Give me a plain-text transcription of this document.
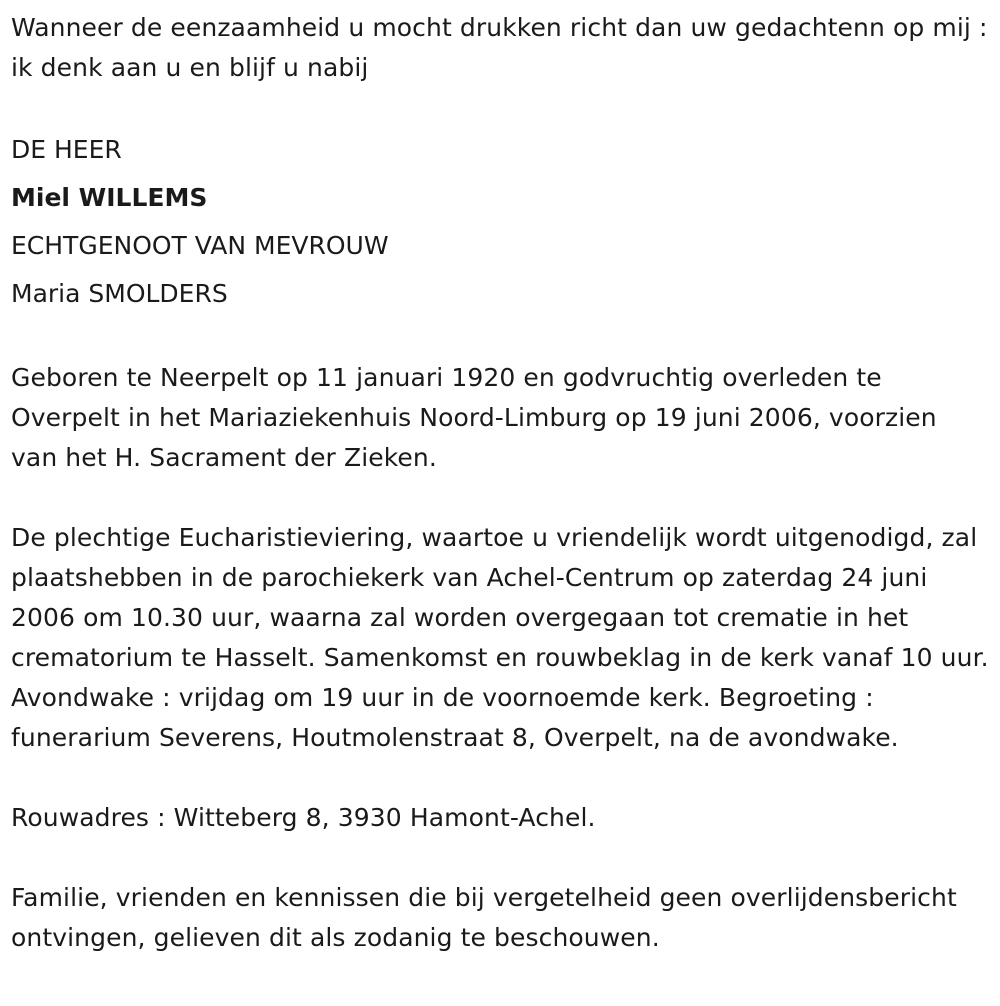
Wanneer de eenzaamheid u mocht drukken richt dan uw gedachtenn op mij : ik denk aan u en blijf u nabij

DE HEER

Miel WILLEMS

ECHTGENOOT VAN MEVROUW

Maria SMOLDERS

Geboren te Neerpelt op 11 januari 1920 en godvruchtig overleden te Overpelt in het Mariaziekenhuis Noord-Limburg op 19 juni 2006, voorzien van het H. Sacrament der Zieken.

De plechtige Eucharistieviering, waartoe u vriendelijk wordt uitgenodigd, zal plaatshebben in de parochiekerk van Achel-Centrum op zaterdag 24 juni 2006 om 10.30 uur, waarna zal worden overgegaan tot crematie in het crematorium te Hasselt. Samenkomst en rouwbeklag in de kerk vanaf 10 uur. Avondwake : vrijdag om 19 uur in de voornoemde kerk. Begroeting : funerarium Severens, Houtmolenstraat 8, Overpelt, na de avondwake.

Rouwadres : Witteberg 8, 3930 Hamont-Achel.

Familie, vrienden en kennissen die bij vergetelheid geen overlijdensbericht ontvingen, gelieven dit als zodanig te beschouwen.
